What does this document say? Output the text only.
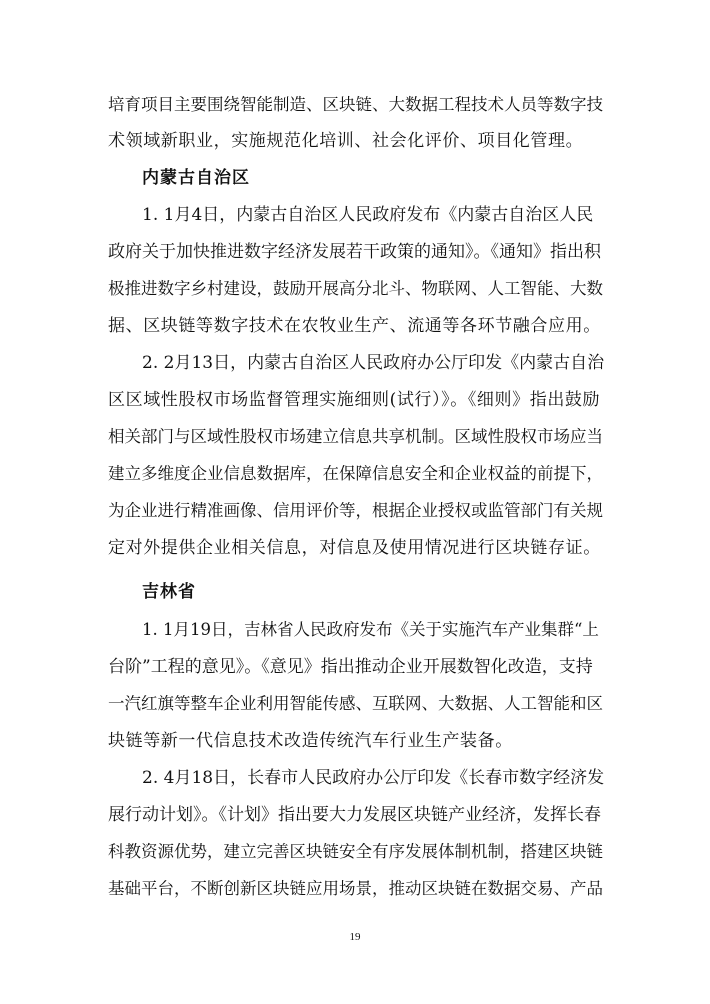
培育项目主要围绕智能制造、区块链、大数据工程技术人员等数字技
术领域新职业，实施规范化培训、社会化评价、项目化管理。
内蒙古自治区
1. 1月4日，内蒙古自治区人民政府发布《内蒙古自治区人民
政府关于加快推进数字经济发展若干政策的通知》。《通知》指出积
极推进数字乡村建设，鼓励开展高分北斗、物联网、人工智能、大数
据、区块链等数字技术在农牧业生产、流通等各环节融合应用。
2. 2月13日，内蒙古自治区人民政府办公厅印发《内蒙古自治
区区域性股权市场监督管理实施细则(试行）》。《细则》指出鼓励
相关部门与区域性股权市场建立信息共享机制。区域性股权市场应当
建立多维度企业信息数据库，在保障信息安全和企业权益的前提下，
为企业进行精准画像、信用评价等，根据企业授权或监管部门有关规
定对外提供企业相关信息，对信息及使用情况进行区块链存证。
吉林省
1. 1月19日，吉林省人民政府发布《关于实施汽车产业集群“上
台阶”工程的意见》。《意见》指出推动企业开展数智化改造，支持
一汽红旗等整车企业利用智能传感、互联网、大数据、人工智能和区
块链等新一代信息技术改造传统汽车行业生产装备。
2. 4月18日，长春市人民政府办公厅印发《长春市数字经济发
展行动计划》。《计划》指出要大力发展区块链产业经济，发挥长春
科教资源优势，建立完善区块链安全有序发展体制机制，搭建区块链
基础平台，不断创新区块链应用场景，推动区块链在数据交易、产品
19
